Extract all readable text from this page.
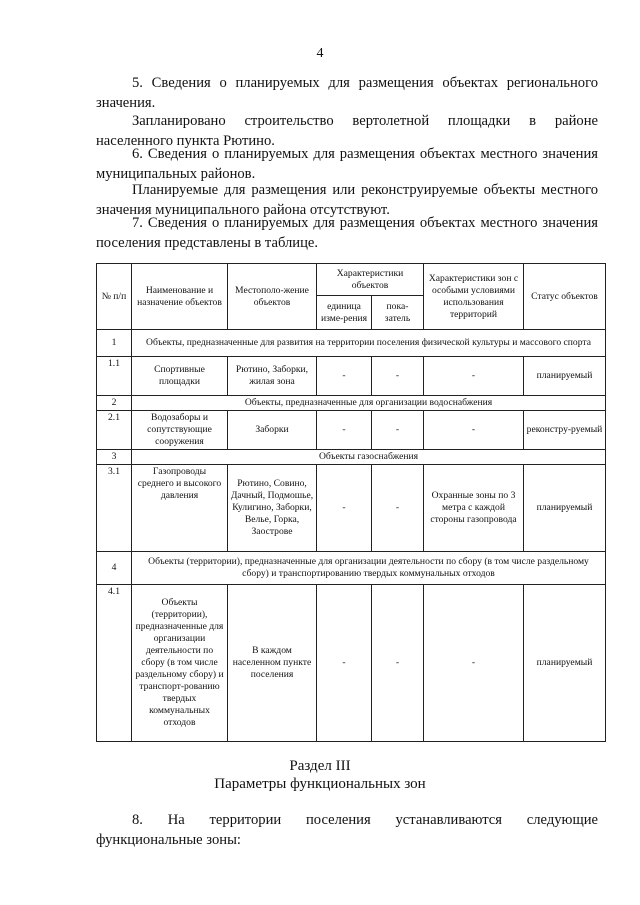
4
5. Сведения о планируемых для размещения объектах регионального значения.
Запланировано строительство вертолетной площадки в районе населенного пункта Рютино.
6. Сведения о планируемых для размещения объектах местного значения муниципальных районов.
Планируемые для размещения или реконструируемые объекты местного значения муниципального района отсутствуют.
7. Сведения о планируемых для размещения объектах местного значения поселения представлены в таблице.
№ п/п	Наименование и назначение объектов	Местополо-жение объектов	Характеристики объектов		Характеристики зон с особыми условиями использования территорий	Статус объектов
			единица изме-рения	пока-затель		
1	Объекты, предназначенные для развития на территории поселения физической культуры и массового спорта					
1.1	Спортивные площадки	Рютино, Заборки, жилая зона	-	-	-	планируемый
2	Объекты, предназначенные для организации водоснабжения					
2.1	Водозаборы и сопутствующие сооружения	Заборки	-	-	-	реконстру-руемый
3	Объекты газоснабжения					
3.1	Газопроводы среднего и высокого давления	Рютино, Совино, Дачный, Подмошье, Кулигино, Заборки, Велье, Горка, Заострове	-	-	Охранные зоны по 3 метра с каждой стороны газопровода	планируемый
4	Объекты (территории), предназначенные для организации деятельности по сбору (в том числе раздельному сбору) и транспортированию твердых коммунальных отходов					
4.1	Объекты (территории), предназначенные для организации деятельности по сбору (в том числе раздельному сбору) и транспорт-рованию твердых коммунальных отходов	В каждом населенном пункте поселения	-	-	-	планируемый
Раздел III
Параметры функциональных зон
8. На территории поселения устанавливаются следующие функциональные зоны:
